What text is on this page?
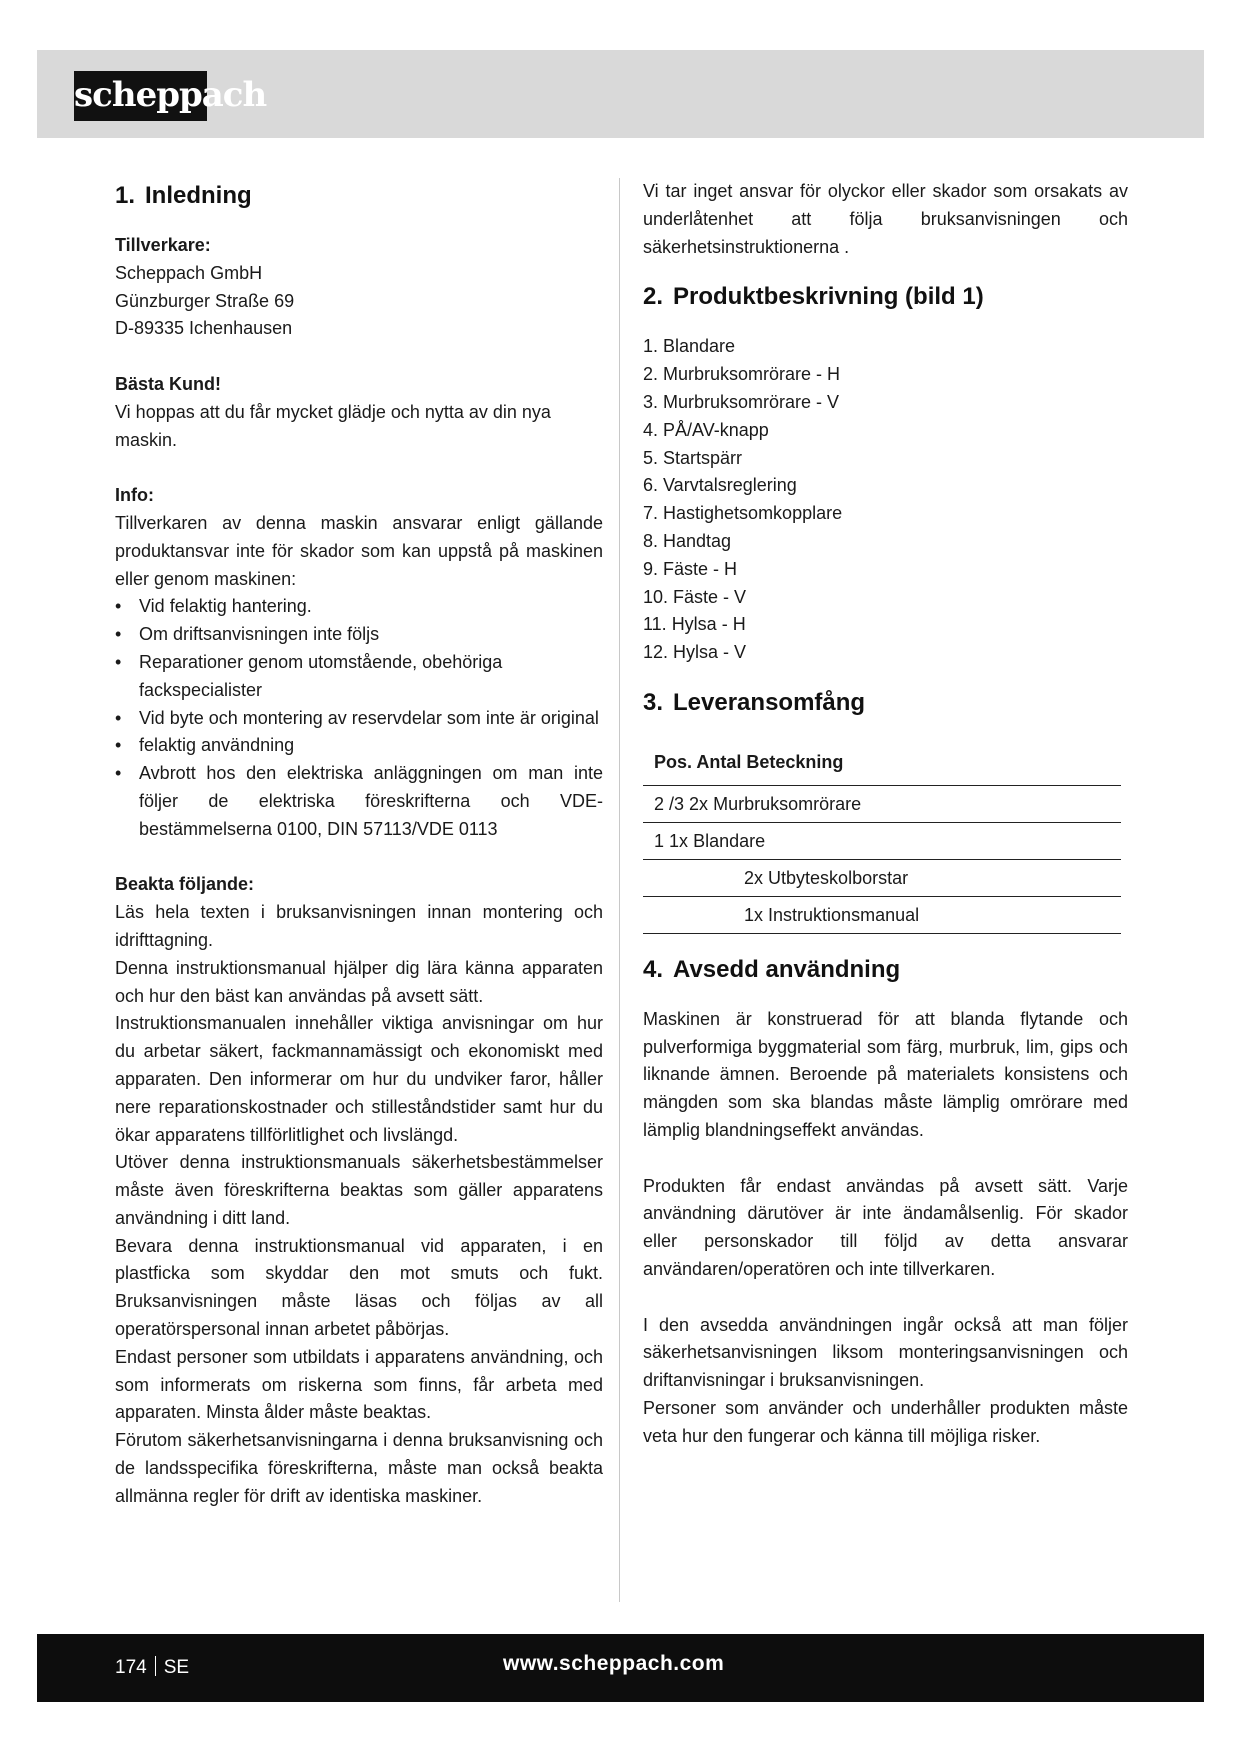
scheppach
1. Inledning

Tillverkare:

Scheppach GmbH

Günzburger Straße 69

D-89335 Ichenhausen

Bästa Kund!

Vi hoppas att du får mycket glädje och nytta av din nya maskin.

Info:

Tillverkaren av denna maskin ansvarar enligt gällande produktansvar inte för skador som kan uppstå på maskinen eller genom maskinen:

• Vid felaktig hantering.
• Om driftsanvisningen inte följs
• Reparationer genom utomstående, obehöriga fackspecialister
• Vid byte och montering av reservdelar som inte är original
• felaktig användning
• Avbrott hos den elektriska anläggningen om man inte följer de elektriska föreskrifterna och VDE-bestämmelserna 0100, DIN 57113/VDE 0113

Beakta följande:

Läs hela texten i bruksanvisningen innan montering och idrifttagning.

Denna instruktionsmanual hjälper dig lära känna apparaten och hur den bäst kan användas på avsett sätt.

Instruktionsmanualen innehåller viktiga anvisningar om hur du arbetar säkert, fackmannamässigt och ekonomiskt med apparaten. Den informerar om hur du undviker faror, håller nere reparationskostnader och stilleståndstider samt hur du ökar apparatens tillförlitlighet och livslängd.

Utöver denna instruktionsmanuals säkerhetsbestämmelser måste även föreskrifterna beaktas som gäller apparatens användning i ditt land.

Bevara denna instruktionsmanual vid apparaten, i en plastficka som skyddar den mot smuts och fukt. Bruksanvisningen måste läsas och följas av all operatörspersonal innan arbetet påbörjas.

Endast personer som utbildats i apparatens användning, och som informerats om riskerna som finns, får arbeta med apparaten. Minsta ålder måste beaktas.

Förutom säkerhetsanvisningarna i denna bruksanvisning och de landsspecifika föreskrifterna, måste man också beakta allmänna regler för drift av identiska maskiner.

Vi tar inget ansvar för olyckor eller skador som orsakats av underlåtenhet att följa bruksanvisningen och säkerhetsinstruktionerna .

2. Produktbeskrivning (bild 1)
1. Blandare
2. Murbruksomrörare - H
3. Murbruksomrörare - V
4. PÅ/AV-knapp
5. Startspärr
6. Varvtalsreglering
7. Hastighetsomkopplare
8. Handtag
9. Fäste - H
10. Fäste - V
11. Hylsa - H
12. Hylsa - V
3. Leveransomfång
Pos. Antal Beteckning
2 /3
2x
Murbruksomrörare
1
1x
Blandare
2x
Utbyteskolborstar
1x
Instruktionsmanual
4. Avsedd användning

Maskinen är konstruerad för att blanda flytande och pulverformiga byggmaterial som färg, murbruk, lim, gips och liknande ämnen. Beroende på materialets konsistens och mängden som ska blandas måste lämplig omrörare med lämplig blandningseffekt användas.

Produkten får endast användas på avsett sätt. Varje användning därutöver är inte ändamålsenlig. För skador eller personskador till följd av detta ansvarar användaren/operatören och inte tillverkaren.

I den avsedda användningen ingår också att man följer säkerhetsanvisningen liksom monteringsanvisningen och driftanvisningar i bruksanvisningen.

Personer som använder och underhåller produkten måste veta hur den fungerar och känna till möjliga risker.

174 SE	www.scheppach.com
